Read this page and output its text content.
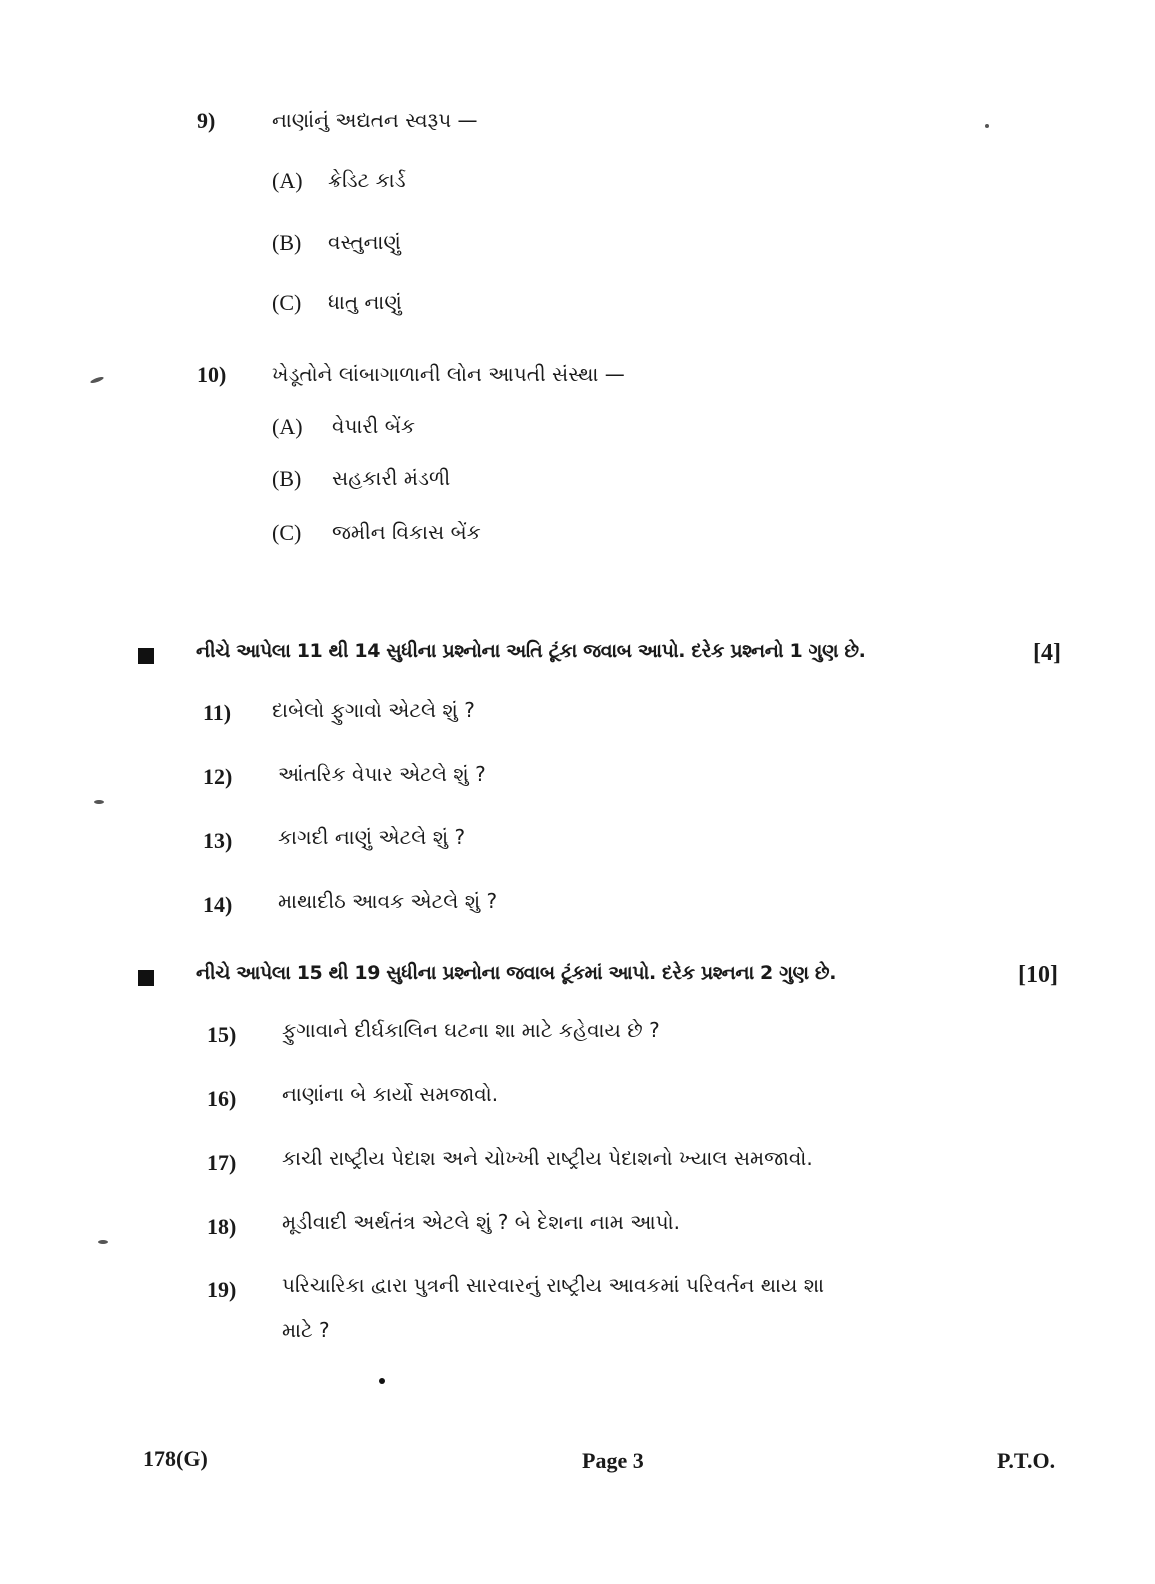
9)	નાણાંનું અદ્યતન સ્વરૂપ —
(A) ક્રેડિટ કાર્ડ
(B) વસ્તુનાણું
(C) ધાતુ નાણું
10) ખેડૂતોને લાંબાગાળાની લોન આપતી સંસ્થા —
(A) વેપારી બેંક
(B) સહકારી મંડળી
(C) જમીન વિકાસ બેંક
નીચે આપેલા 11 થી 14 સુધીના પ્રશ્નોના અતિ ટૂંકા જવાબ આપો. દરેક પ્રશ્નનો 1 ગુણ છે.	[4]
11) દાબેલો ફુગાવો એટલે શું ?
12) આંતરિક વેપાર એટલે શું ?
13) કાગદી નાણું એટલે શું ?
14) માથાદીઠ આવક એટલે શું ?
નીચે આપેલા 15 થી 19 સુધીના પ્રશ્નોના જવાબ ટૂંકમાં આપો. દરેક પ્રશ્નના 2 ગુણ છે.	[10]
15) ફુગાવાને દીર્ઘકાલિન ઘટના શા માટે કહેવાય છે ?
16) નાણાંના બે કાર્યો સમજાવો.
17) કાચી રાષ્ટ્રીય પેદાશ અને ચોખ્ખી રાષ્ટ્રીય પેદાશનો ખ્યાલ સમજાવો.
18) મૂડીવાદી અર્થતંત્ર એટલે શું ? બે દેશના નામ આપો.
19) પરિચારિકા દ્વારા પુત્રની સારવારનું રાષ્ટ્રીય આવકમાં પરિવર્તન થાય શા
માટે ?
178(G)	Page 3	P.T.O.
